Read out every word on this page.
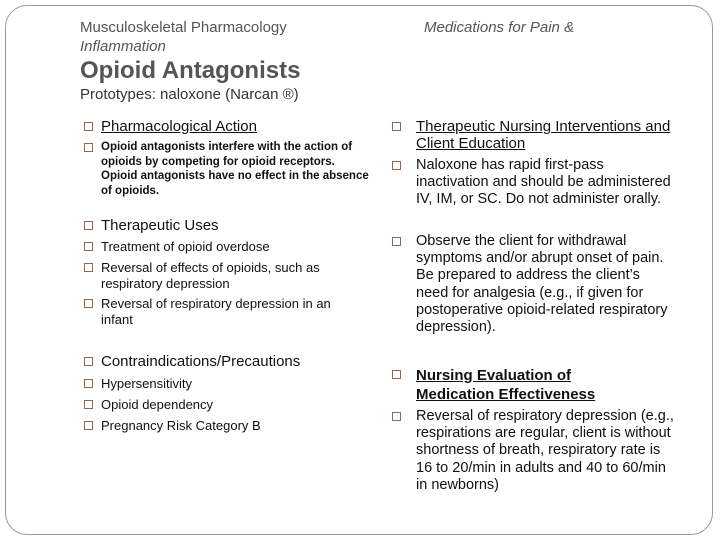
Musculoskeletal Pharmacology
Inflammation
Medications for Pain &
Opioid Antagonists
Prototypes: naloxone (Narcan ®)
Pharmacological Action
Opioid antagonists interfere with the action of opioids by competing for opioid receptors. Opioid antagonists have no effect in the absence of opioids.
Therapeutic Uses
Treatment of opioid overdose
Reversal of effects of opioids, such as respiratory depression
Reversal of respiratory depression in an infant
Contraindications/Precautions
Hypersensitivity
Opioid dependency
Pregnancy Risk Category B
Therapeutic Nursing Interventions and Client Education
Naloxone has rapid first-pass inactivation and should be administered IV, IM, or SC. Do not administer orally.
Observe the client for withdrawal symptoms and/or abrupt onset of pain. Be prepared to address the client’s need for analgesia (e.g., if given for postoperative opioid-related respiratory depression).
Nursing Evaluation of Medication Effectiveness
Reversal of respiratory depression (e.g., respirations are regular, client is without shortness of breath, respiratory rate is 16 to 20/min in adults and 40 to 60/min in newborns)
